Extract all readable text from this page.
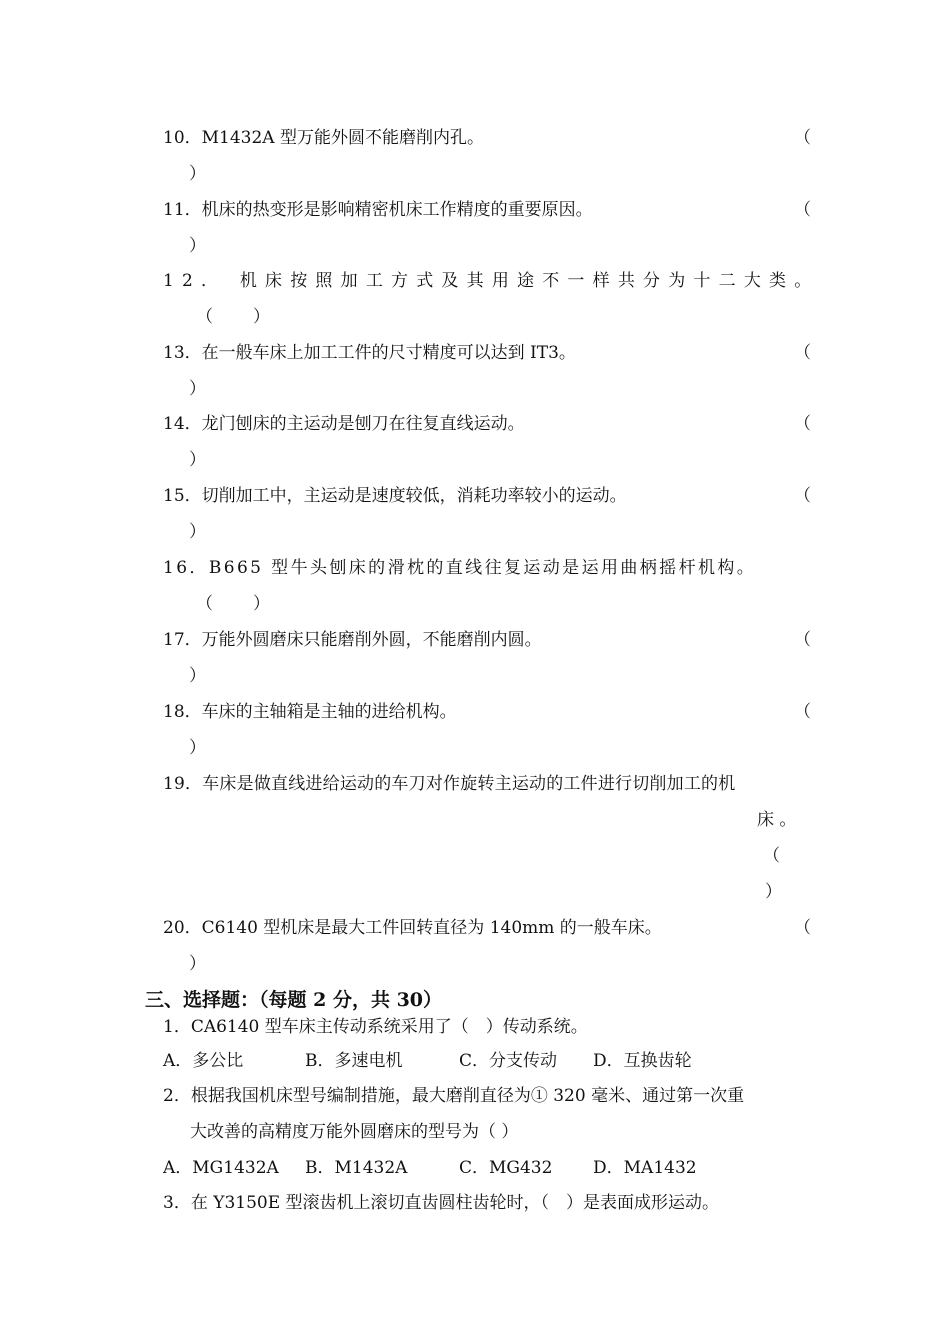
10．M1432A 型万能外圆不能磨削内孔。	（
）
11．机床的热变形是影响精密机床工作精度的重要原因。	（
）
12． 机床按照加工方式及其用途不一样共分为十二大类。
（　　）
13．在一般车床上加工工件的尺寸精度可以达到 IT3。	（
）
14．龙门刨床的主运动是刨刀在往复直线运动。	（
）
15．切削加工中，主运动是速度较低，消耗功率较小的运动。	（
）
16．B665 型牛头刨床的滑枕的直线往复运动是运用曲柄摇杆机构。
（　　）
17．万能外圆磨床只能磨削外圆，不能磨削内圆。	（
）
18．车床的主轴箱是主轴的进给机构。	（
）
19．车床是做直线进给运动的车刀对作旋转主运动的工件进行切削加工的机
床 。
（
）
20．C6140 型机床是最大工件回转直径为 140mm 的一般车床。	（
）
三、选择题：（每题 2 分，共 30）
1．CA6140 型车床主传动系统采用了（　）传动系统。
A．多公比	B．多速电机	C．分支传动 D．互换齿轮
2．根据我国机床型号编制措施，最大磨削直径为① 320 毫米、通过第一次重
大改善的高精度万能外圆磨床的型号为（ ）
A．MG1432A B．M1432A	C．MG432 D．MA1432
3．在 Y3150E 型滚齿机上滚切直齿圆柱齿轮时，（　）是表面成形运动。
